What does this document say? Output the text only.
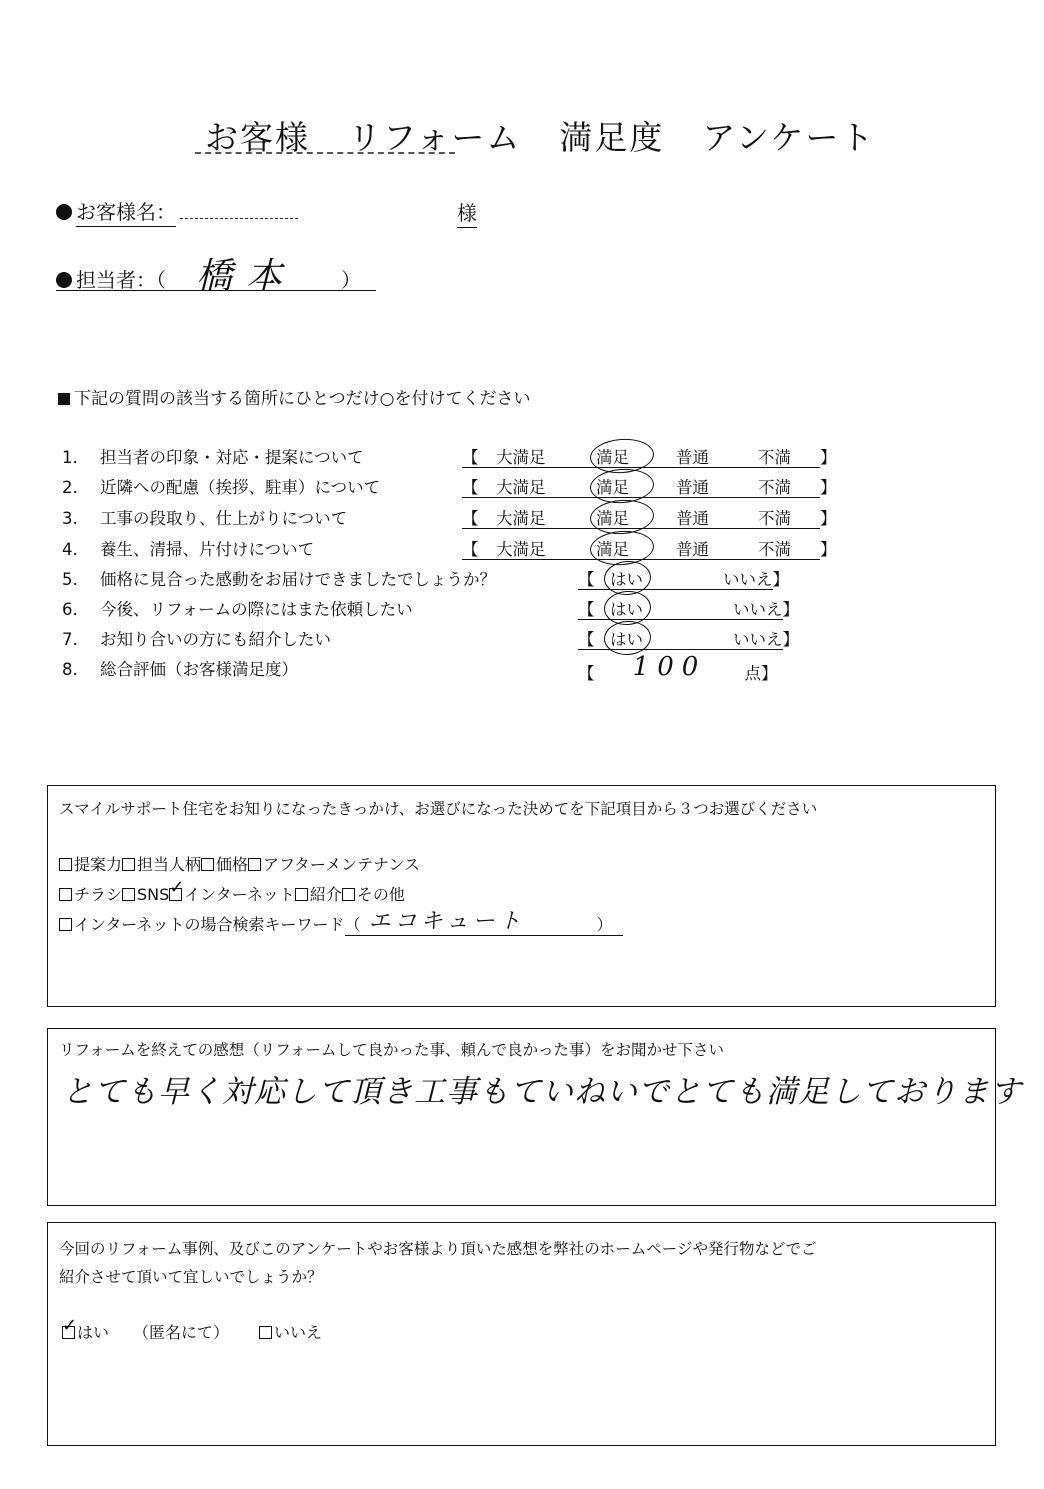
お客様 リフォーム 満足度 アンケート
お客様名：	様
担当者：（ 橋本 ）
下記の質問の該当する箇所にひとつだけ○を付けてください
1. 担当者の印象・対応・提案について	【 大満足	満足	普通	不満 】
2. 近隣への配慮（挨拶、駐車）について	【 大満足	満足	普通	不満 】
3. 工事の段取り、仕上がりについて	【 大満足	満足	普通	不満 】
4. 養生、清掃、片付けについて	【 大満足	満足	普通	不満 】
5. 価格に見合った感動をお届けできましたでしょうか？	【 はい	いいえ】
6. 今後、リフォームの際にはまた依頼したい	【 はい	いいえ】
7. お知り合いの方にも紹介したい	【 はい	いいえ】
8. 総合評価（お客様満足度）	【 100 点】
スマイルサポート住宅をお知りになったきっかけ、お選びになった決めてを下記項目から３つお選びください
提案力 担当人柄 価格 アフターメンテナンス
チラシ SNS✓ インターネット 紹介 その他
インターネットの場合検索キーワード（ エコキュート	）
リフォームを終えての感想（リフォームして良かった事、頼んで良かった事）をお聞かせ下さい
とても早く対応して頂き工事もていねいでとても満足しております
今回のリフォーム事例、及びこのアンケートやお客様より頂いた感想を弊社のホームページや発行物などでご
紹介させて頂いて宜しいでしょうか？
✓はい （匿名にて）	いいえ
